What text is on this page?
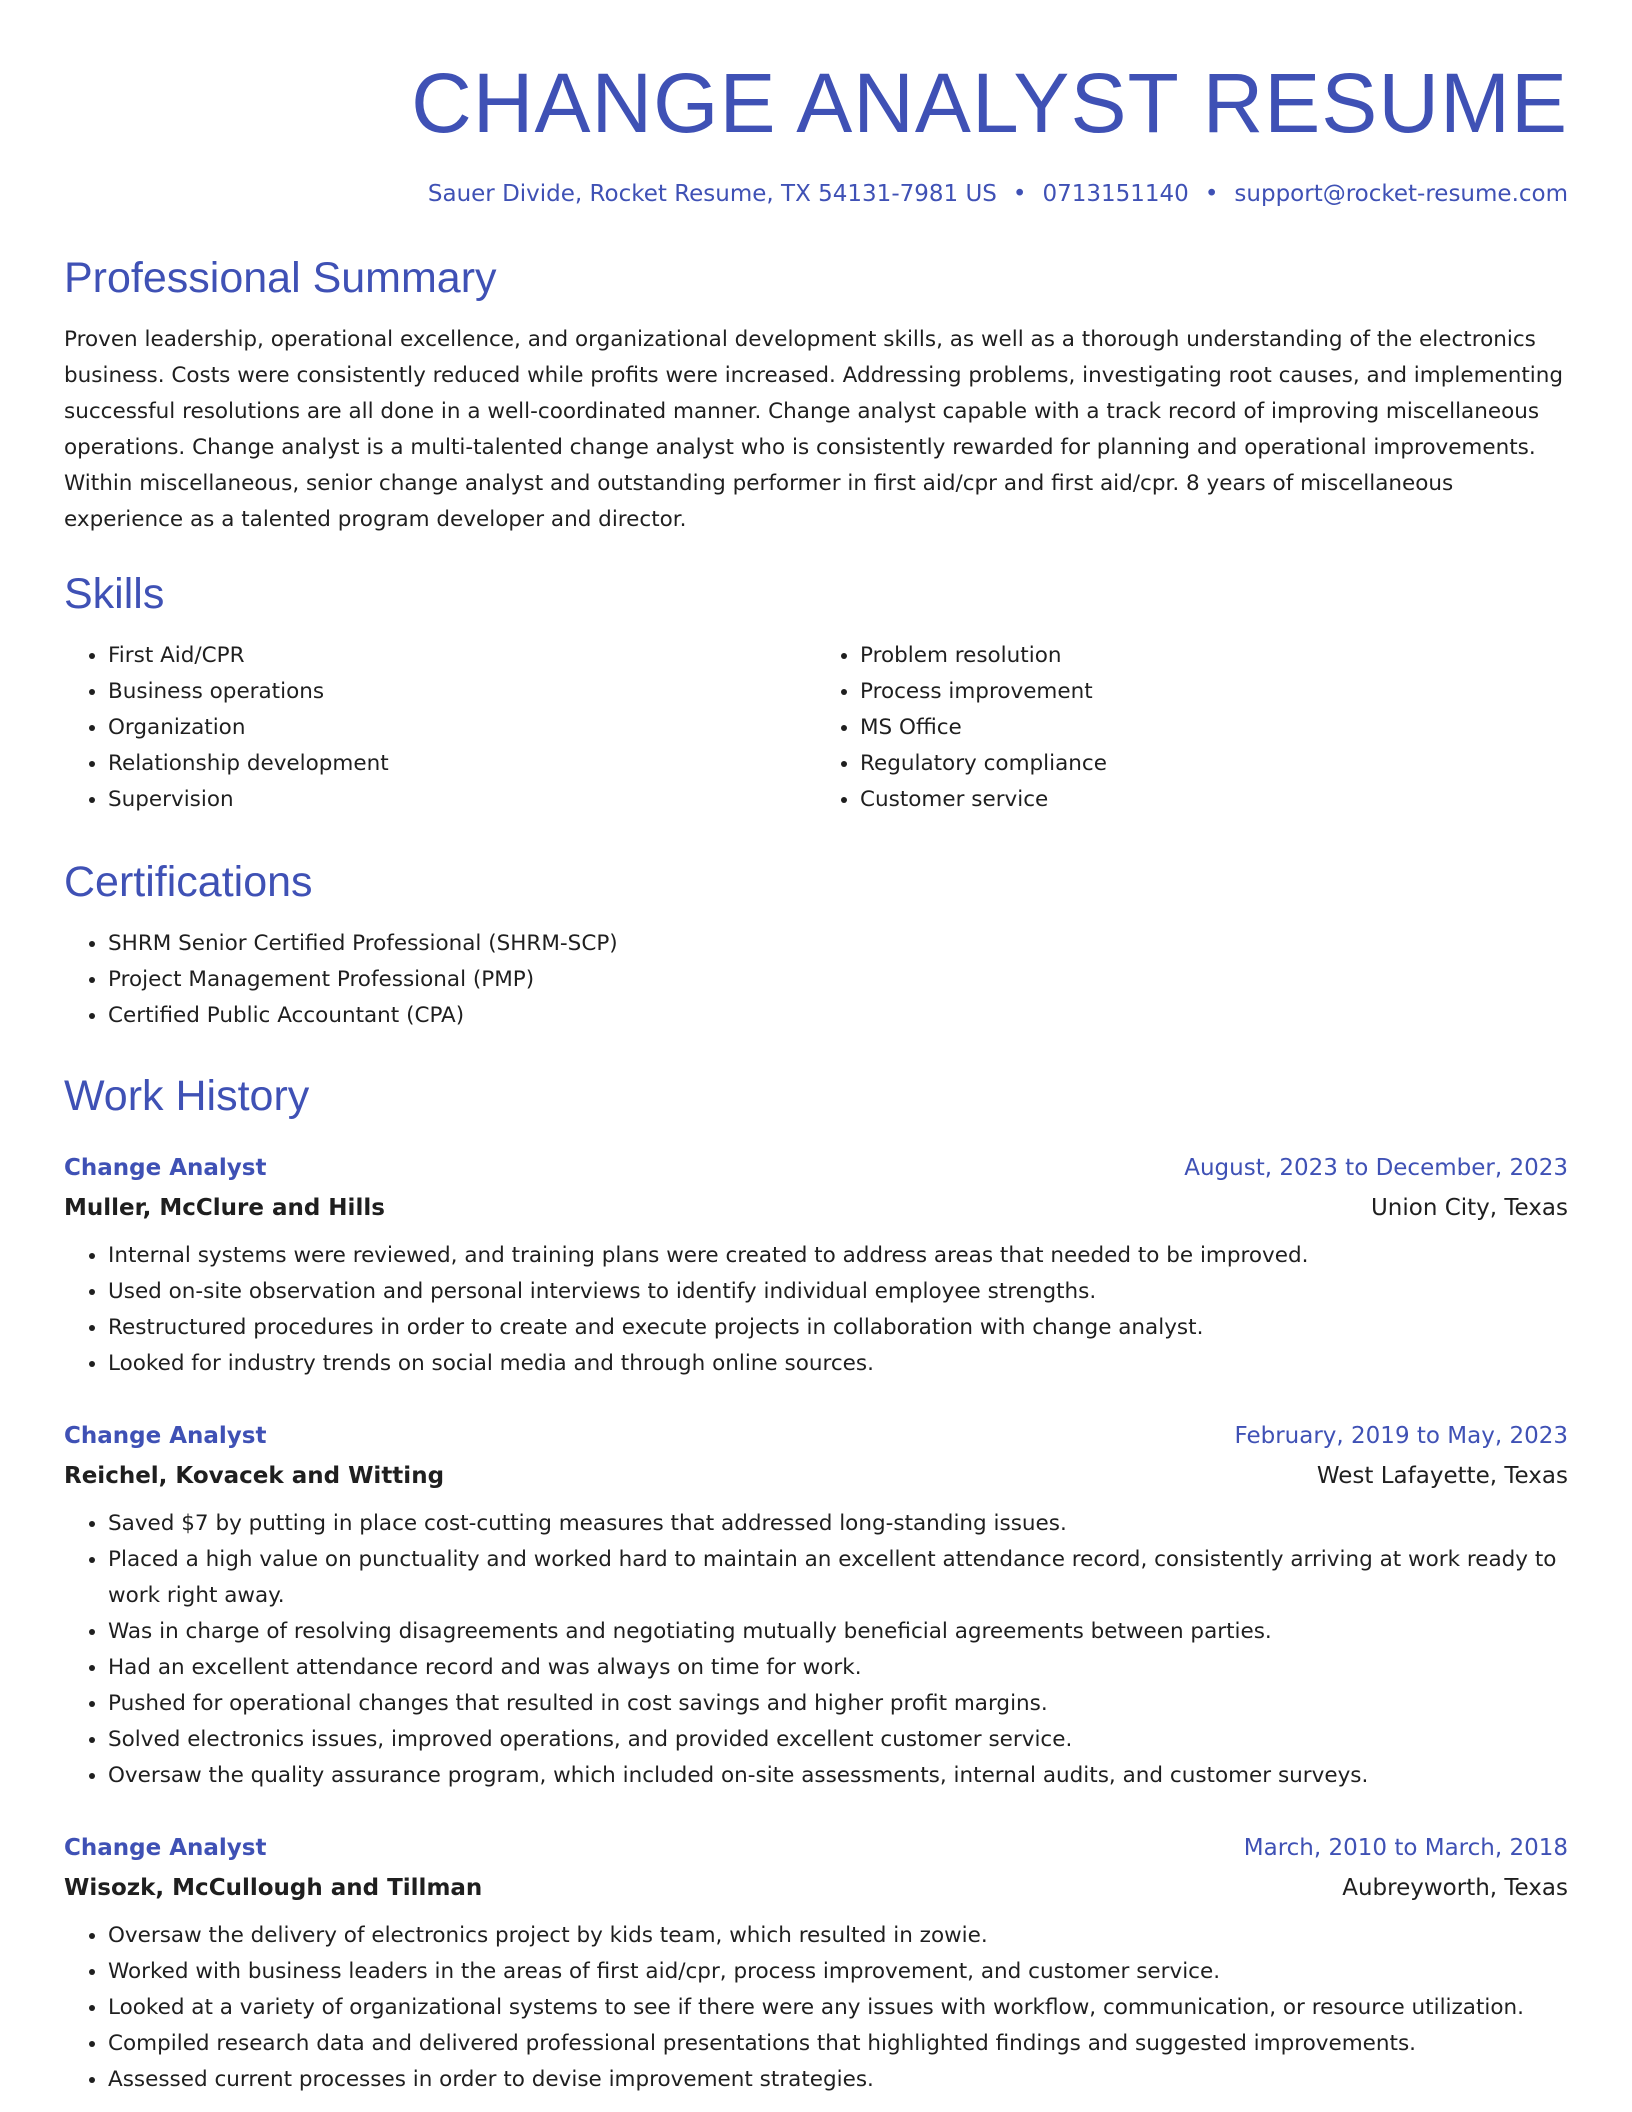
CHANGE ANALYST RESUME
Sauer Divide, Rocket Resume, TX 54131-7981 US • 0713151140 • support@rocket-resume.com
Professional Summary
Proven leadership, operational excellence, and organizational development skills, as well as a thorough understanding of the electronics business. Costs were consistently reduced while profits were increased. Addressing problems, investigating root causes, and implementing successful resolutions are all done in a well-coordinated manner. Change analyst capable with a track record of improving miscellaneous operations. Change analyst is a multi-talented change analyst who is consistently rewarded for planning and operational improvements. Within miscellaneous, senior change analyst and outstanding performer in first aid/cpr and first aid/cpr. 8 years of miscellaneous experience as a talented program developer and director.
Skills
• First Aid/CPR
• Business operations
• Organization
• Relationship development
• Supervision
• Problem resolution
• Process improvement
• MS Office
• Regulatory compliance
• Customer service
Certifications
• SHRM Senior Certified Professional (SHRM-SCP)
• Project Management Professional (PMP)
• Certified Public Accountant (CPA)
Work History
Change Analyst	August, 2023 to December, 2023
Muller, McClure and Hills	Union City, Texas
• Internal systems were reviewed, and training plans were created to address areas that needed to be improved.
• Used on-site observation and personal interviews to identify individual employee strengths.
• Restructured procedures in order to create and execute projects in collaboration with change analyst.
• Looked for industry trends on social media and through online sources.
Change Analyst	February, 2019 to May, 2023
Reichel, Kovacek and Witting	West Lafayette, Texas
• Saved $7 by putting in place cost-cutting measures that addressed long-standing issues.
• Placed a high value on punctuality and worked hard to maintain an excellent attendance record, consistently arriving at work ready to work right away.
• Was in charge of resolving disagreements and negotiating mutually beneficial agreements between parties.
• Had an excellent attendance record and was always on time for work.
• Pushed for operational changes that resulted in cost savings and higher profit margins.
• Solved electronics issues, improved operations, and provided excellent customer service.
• Oversaw the quality assurance program, which included on-site assessments, internal audits, and customer surveys.
Change Analyst	March, 2010 to March, 2018
Wisozk, McCullough and Tillman	Aubreyworth, Texas
• Oversaw the delivery of electronics project by kids team, which resulted in zowie.
• Worked with business leaders in the areas of first aid/cpr, process improvement, and customer service.
• Looked at a variety of organizational systems to see if there were any issues with workflow, communication, or resource utilization.
• Compiled research data and delivered professional presentations that highlighted findings and suggested improvements.
• Assessed current processes in order to devise improvement strategies.
